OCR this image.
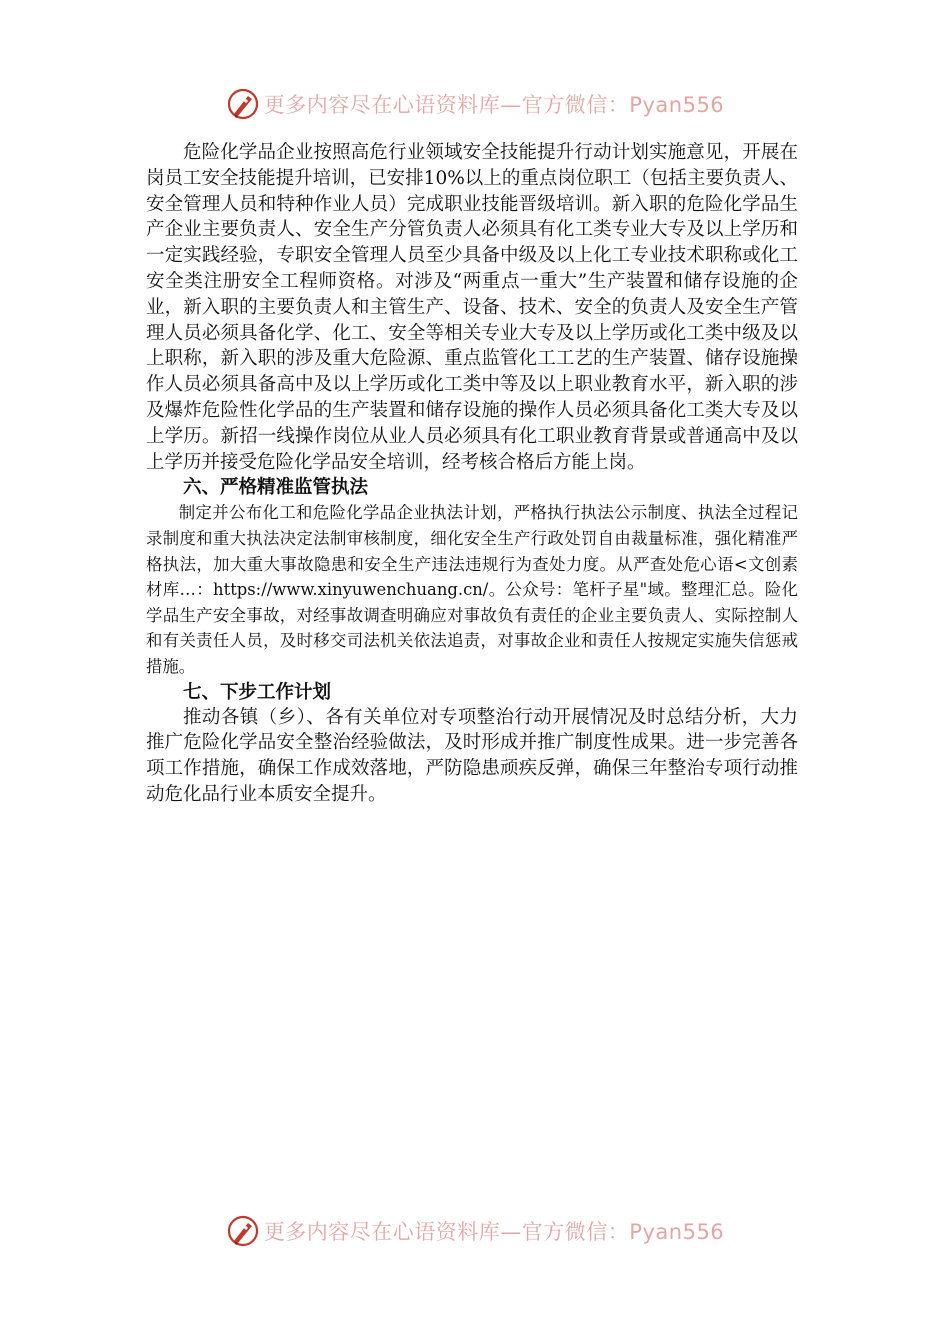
更多内容尽在心语资料库—官方微信：Pyan556

危险化学品企业按照高危行业领域安全技能提升行动计划实施意见，开展在岗员工安全技能提升培训，已安排10%以上的重点岗位职工（包括主要负责人、安全管理人员和特种作业人员）完成职业技能晋级培训。新入职的危险化学品生产企业主要负责人、安全生产分管负责人必须具有化工类专业大专及以上学历和一定实践经验，专职安全管理人员至少具备中级及以上化工专业技术职称或化工安全类注册安全工程师资格。对涉及“两重点一重大”生产装置和储存设施的企业，新入职的主要负责人和主管生产、设备、技术、安全的负责人及安全生产管理人员必须具备化学、化工、安全等相关专业大专及以上学历或化工类中级及以上职称，新入职的涉及重大危险源、重点监管化工工艺的生产装置、储存设施操作人员必须具备高中及以上学历或化工类中等及以上职业教育水平，新入职的涉及爆炸危险性化学品的生产装置和储存设施的操作人员必须具备化工类大专及以上学历。新招一线操作岗位从业人员必须具有化工职业教育背景或普通高中及以上学历并接受危险化学品安全培训，经考核合格后方能上岗。

六、严格精准监管执法

制定并公布化工和危险化学品企业执法计划，严格执行执法公示制度、执法全过程记录制度和重大执法决定法制审核制度，细化安全生产行政处罚自由裁量标准，强化精准严格执法，加大重大事故隐患和安全生产违法违规行为查处力度。从严查处危心语<文创素材库…：https://www.xinyuwenchuang.cn/。公众号：笔杆子星"域。整理汇总。险化学品生产安全事故，对经事故调查明确应对事故负有责任的企业主要负责人、实际控制人和有关责任人员，及时移交司法机关依法追责，对事故企业和责任人按规定实施失信惩戒措施。

七、下步工作计划

推动各镇（乡）、各有关单位对专项整治行动开展情况及时总结分析，大力推广危险化学品安全整治经验做法，及时形成并推广制度性成果。进一步完善各项工作措施，确保工作成效落地，严防隐患顽疾反弹，确保三年整治专项行动推动危化品行业本质安全提升。

更多内容尽在心语资料库—官方微信：Pyan556
